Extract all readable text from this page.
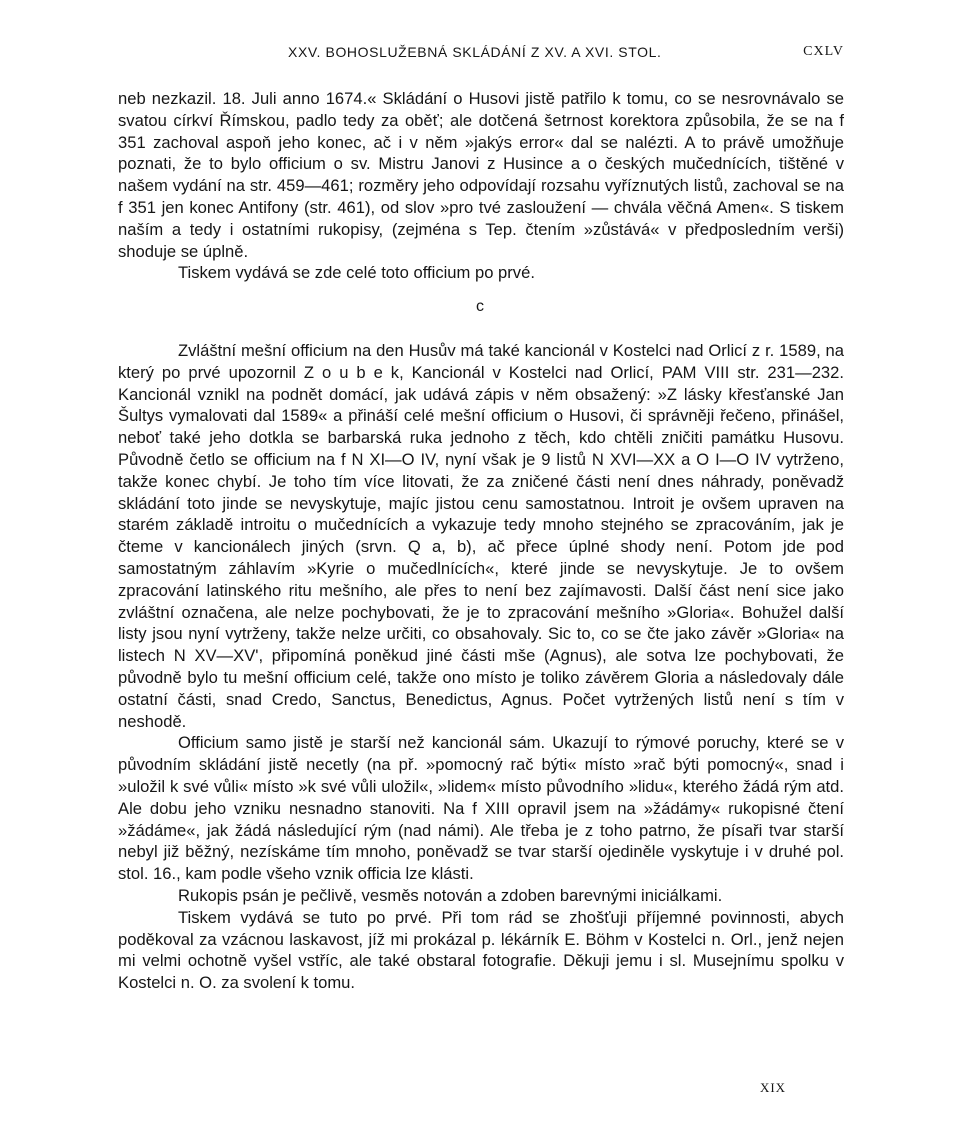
XXV. BOHOSLUŽEBNÁ SKLÁDÁNÍ Z XV. A XVI. STOL.	CXLV

neb nezkazil. 18. Juli anno 1674.« Skládání o Husovi jistě patřilo k tomu, co se nesrovnávalo se svatou církví Římskou, padlo tedy za oběť; ale dotčená šetrnost korektora způsobila, že se na f 351 zachoval aspoň jeho konec, ač i v něm »jakýs error« dal se nalézti. A to právě umožňuje poznati, že to bylo officium o sv. Mistru Janovi z Husince a o českých mučednících, tištěné v našem vydání na str. 459—461; rozměry jeho odpovídají rozsahu vyříznutých listů, zachoval se na f 351 jen konec Antifony (str. 461), od slov »pro tvé zasloužení — chvála věčná Amen«. S tiskem naším a tedy i ostatními rukopisy, (zejména s Tep. čtením »zůstává« v předposledním verši) shoduje se úplně.

Tiskem vydává se zde celé toto officium po prvé.

c

Zvláštní mešní officium na den Husův má také kancionál v Kostelci nad Orlicí z r. 1589, na který po prvé upozornil Z o u b e k, Kancionál v Kostelci nad Orlicí, PAM VIII str. 231—232. Kancionál vznikl na podnět domácí, jak udává zápis v něm obsažený: »Z lásky křesťanské Jan Šultys vymalovati dal 1589« a přináší celé mešní officium o Husovi, či správněji řečeno, přinášel, neboť také jeho dotkla se barbarská ruka jednoho z těch, kdo chtěli zničiti památku Husovu. Původně četlo se officium na f N XI—O IV, nyní však je 9 listů N XVI—XX a O I—O IV vytrženo, takže konec chybí. Je toho tím více litovati, že za zničené části není dnes náhrady, poněvadž skládání toto jinde se nevyskytuje, majíc jistou cenu samostatnou. Introit je ovšem upraven na starém základě introitu o mučednících a vykazuje tedy mnoho stejného se zpracováním, jak je čteme v kancionálech jiných (srvn. Q a, b), ač přece úplné shody není. Potom jde pod samostatným záhlavím »Kyrie o mučedlnících«, které jinde se nevyskytuje. Je to ovšem zpracování latinského ritu mešního, ale přes to není bez zajímavosti. Další část není sice jako zvláštní označena, ale nelze pochybovati, že je to zpracování mešního »Gloria«. Bohužel další listy jsou nyní vytrženy, takže nelze určiti, co obsahovaly. Sic to, co se čte jako závěr »Gloria« na listech N XV—XV', připomíná poněkud jiné části mše (Agnus), ale sotva lze pochybovati, že původně bylo tu mešní officium celé, takže ono místo je toliko závěrem Gloria a následovaly dále ostatní části, snad Credo, Sanctus, Benedictus, Agnus. Počet vytržených listů není s tím v neshodě.

Officium samo jistě je starší než kancionál sám. Ukazují to rýmové poruchy, které se v původním skládání jistě necetly (na př. »pomocný rač býti« místo »rač býti pomocný«, snad i »uložil k své vůli« místo »k své vůli uložil«, »lidem« místo původního »lidu«, kterého žádá rým atd. Ale dobu jeho vzniku nesnadno stanoviti. Na f XIII opravil jsem na »žádámy« rukopisné čtení »žádáme«, jak žádá následující rým (nad námi). Ale třeba je z toho patrno, že písaři tvar starší nebyl již běžný, nezískáme tím mnoho, poněvadž se tvar starší ojediněle vyskytuje i v druhé pol. stol. 16., kam podle všeho vznik officia lze klásti.

Rukopis psán je pečlivě, vesměs notován a zdoben barevnými iniciálkami.

Tiskem vydává se tuto po prvé. Při tom rád se zhošťuji příjemné povinnosti, abych poděkoval za vzácnou laskavost, jíž mi prokázal p. lékárník E. Böhm v Kostelci n. Orl., jenž nejen mi velmi ochotně vyšel vstříc, ale také obstaral fotografie. Děkuji jemu i sl. Musejnímu spolku v Kostelci n. O. za svolení k tomu.

XIX
